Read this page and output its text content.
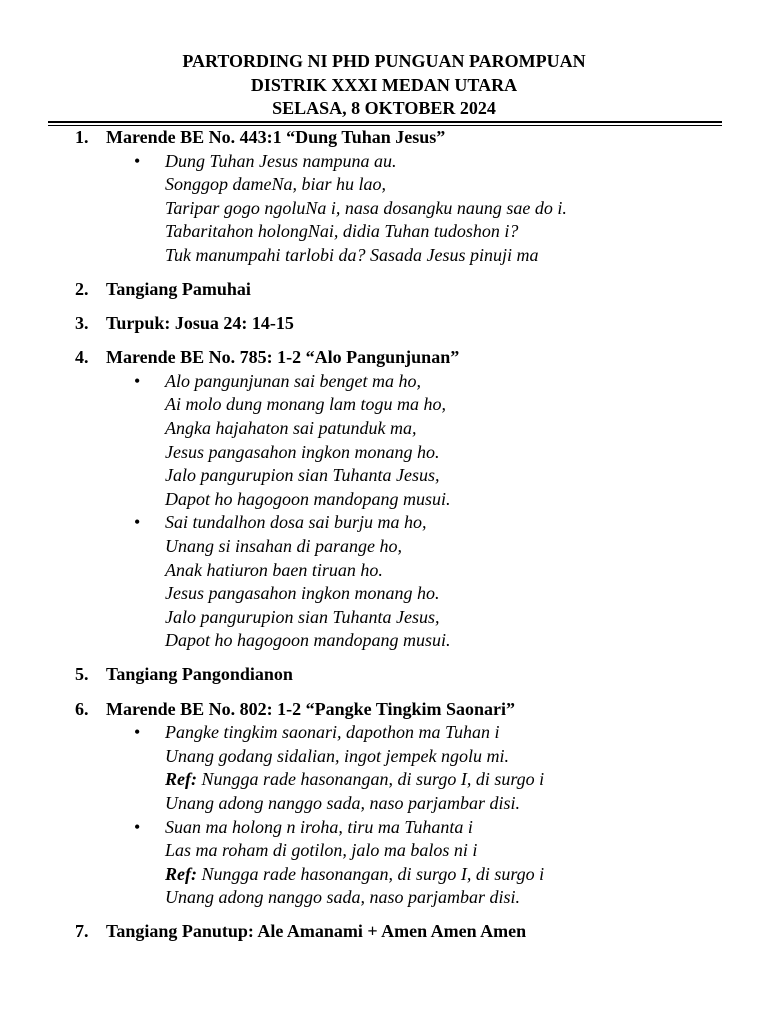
PARTORDING NI PHD PUNGUAN PAROMPUAN
DISTRIK XXXI MEDAN UTARA
SELASA, 8 OKTOBER 2024
1. Marende BE No. 443:1 “Dung Tuhan Jesus”
• Dung Tuhan Jesus nampuna au.
Songgop dameNa, biar hu lao,
Taripar gogo ngoluNa i, nasa dosangku naung sae do i.
Tabaritahon holongNai, didia Tuhan tudoshon i?
Tuk manumpahi tarlobi da? Sasada Jesus pinuji ma
2. Tangiang Pamuhai
3. Turpuk: Josua 24: 14-15
4. Marende BE No. 785: 1-2 “Alo Pangunjunan”
• Alo pangunjunan sai benget ma ho,
Ai molo dung monang lam togu ma ho,
Angka hajahaton sai patunduk ma,
Jesus pangasahon ingkon monang ho.
Jalo pangurupion sian Tuhanta Jesus,
Dapot ho hagogoon mandopang musui.
• Sai tundalhon dosa sai burju ma ho,
Unang si insahan di parange ho,
Anak hatiuron baen tiruan ho.
Jesus pangasahon ingkon monang ho.
Jalo pangurupion sian Tuhanta Jesus,
Dapot ho hagogoon mandopang musui.
5. Tangiang Pangondianon
6. Marende BE No. 802: 1-2 “Pangke Tingkim Saonari”
• Pangke tingkim saonari, dapothon ma Tuhan i
Unang godang sidalian, ingot jempek ngolu mi.
Ref: Nungga rade hasonangan, di surgo I, di surgo i
Unang adong nanggo sada, naso parjambar disi.
• Suan ma holong n iroha, tiru ma Tuhanta i
Las ma roham di gotilon, jalo ma balos ni i
Ref: Nungga rade hasonangan, di surgo I, di surgo i
Unang adong nanggo sada, naso parjambar disi.
7. Tangiang Panutup: Ale Amanami + Amen Amen Amen
